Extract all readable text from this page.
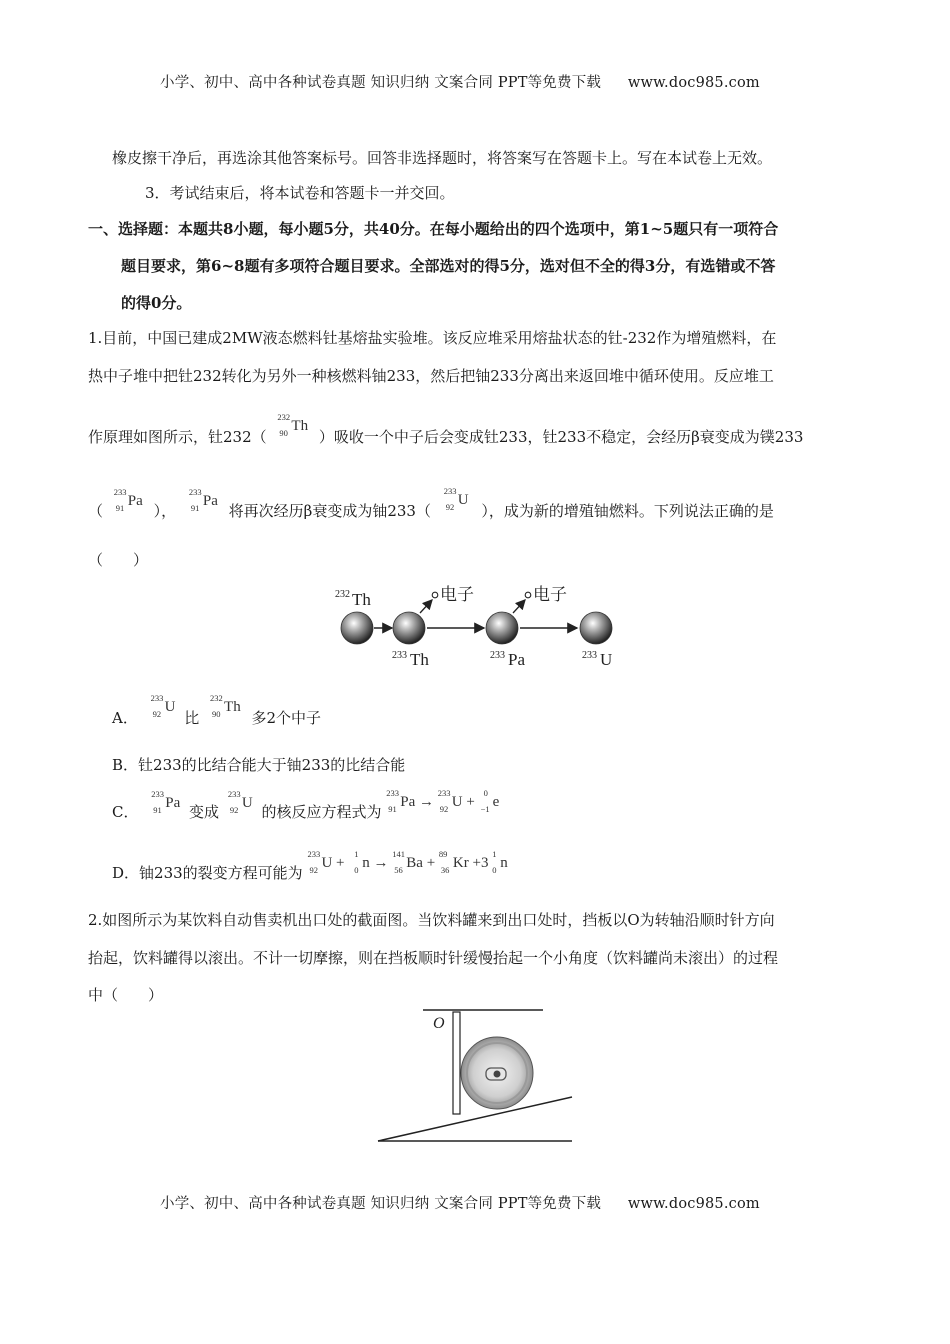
小学、初中、高中各种试卷真题 知识归纳 文案合同 PPT等免费下载 www.doc985.com
橡皮擦干净后，再选涂其他答案标号。回答非选择题时，将答案写在答题卡上。写在本试卷上无效。
3．考试结束后，将本试卷和答题卡一并交回。
一、选择题：本题共8小题，每小题5分，共40分。在每小题给出的四个选项中，第1~5题只有一项符合
题目要求，第6~8题有多项符合题目要求。全部选对的得5分，选对但不全的得3分，有选错或不答
的得0分。
1.目前，中国已建成2MW液态燃料钍基熔盐实验堆。该反应堆采用熔盐状态的钍-232作为增殖燃料，在
热中子堆中把钍232转化为另外一种核燃料铀233，然后把铀233分离出来返回堆中循环使用。反应堆工
作原理如图所示，钍232（
232
90 Th ）吸收一个中子后会变成钍233，钍233不稳定，会经历β衰变成为镤233
（
233
91 Pa ），
233
91 Pa 将再次经历β衰变成为铀233（
233
92 U ），成为新的增殖铀燃料。下列说法正确的是
（　　）
232 Th	电子
233 Th
电子
233 Pa	233 U
A．
233
92 U 比
232
90 Th 多2个中子
B．钍233的比结合能大于铀233的比结合能
C．
233
91 Pa 变成
233
92 U 的核反应方程式为
233
91 Pa →
233
92 U +
0
−1 e
D．铀233的裂变方程可能为
233
92 U +
1
0 n →
141
56 Ba +
89
36 Kr +3
1
0 n
2.如图所示为某饮料自动售卖机出口处的截面图。当饮料罐来到出口处时，挡板以O为转轴沿顺时针方向
抬起，饮料罐得以滚出。不计一切摩擦，则在挡板顺时针缓慢抬起一个小角度（饮料罐尚未滚出）的过程
中（　　）
O
小学、初中、高中各种试卷真题 知识归纳 文案合同 PPT等免费下载 www.doc985.com
